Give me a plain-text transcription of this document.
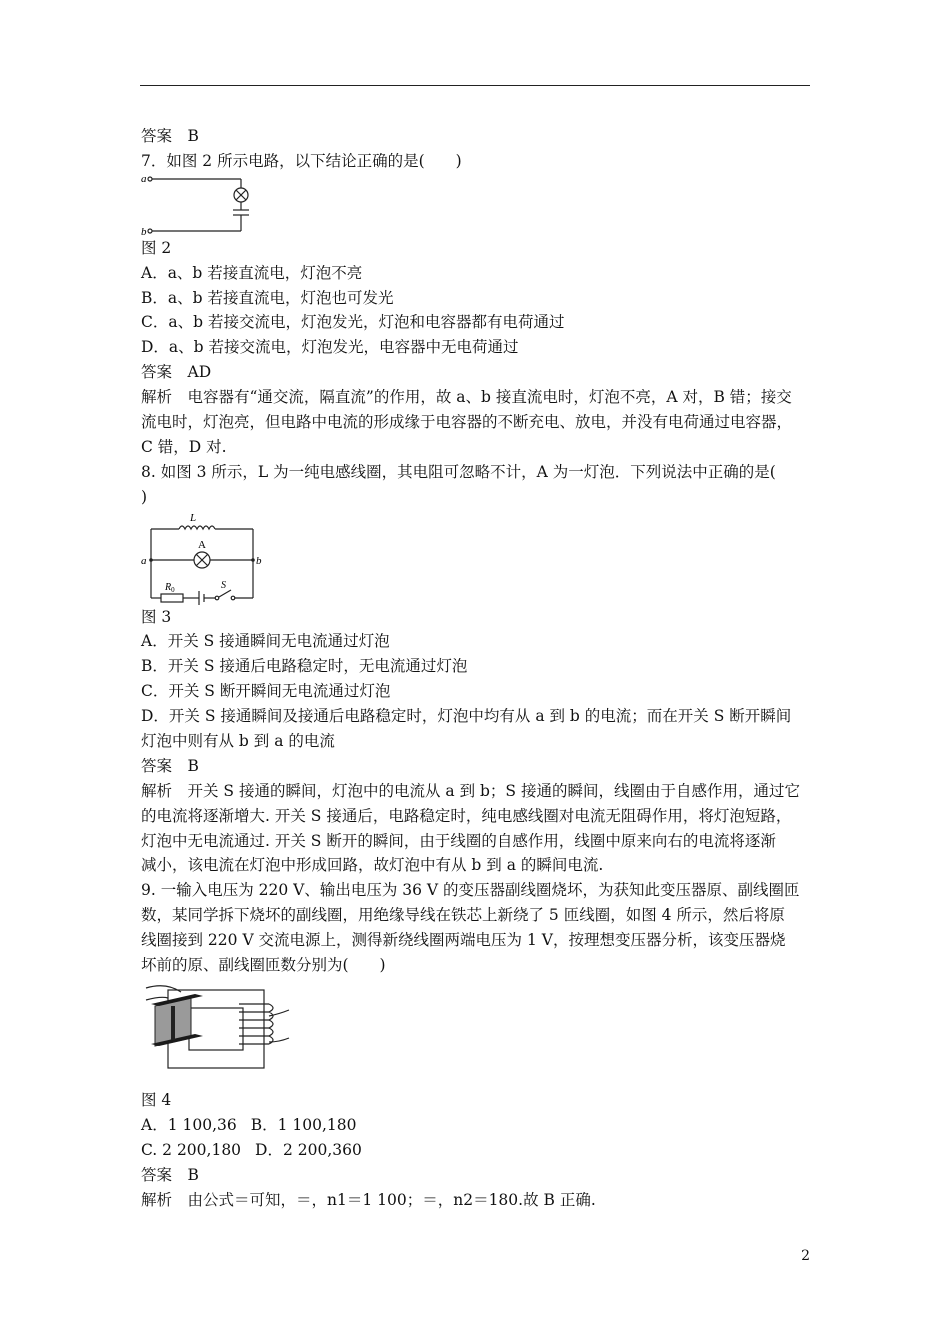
答案　B
7．如图 2 所示电路，以下结论正确的是(　　)
a
b
图 2
A．a、b 若接直流电，灯泡不亮
B．a、b 若接直流电，灯泡也可发光
C．a、b 若接交流电，灯泡发光，灯泡和电容器都有电荷通过
D．a、b 若接交流电，灯泡发光，电容器中无电荷通过
答案　AD
解析　电容器有“通交流，隔直流”的作用，故 a、b 接直流电时，灯泡不亮，A 对，B 错；接交
流电时，灯泡亮，但电路中电流的形成缘于电容器的不断充电、放电，并没有电荷通过电容器，
C 错，D 对.
8. 如图 3 所示，L 为一纯电感线圈，其电阻可忽略不计，A 为一灯泡．下列说法中正确的是(
)
L
A
a	b
$R_0$	S
图 3
A．开关 S 接通瞬间无电流通过灯泡
B．开关 S 接通后电路稳定时，无电流通过灯泡
C．开关 S 断开瞬间无电流通过灯泡
D．开关 S 接通瞬间及接通后电路稳定时，灯泡中均有从 a 到 b 的电流；而在开关 S 断开瞬间
灯泡中则有从 b 到 a 的电流
答案　B
解析　开关 S 接通的瞬间，灯泡中的电流从 a 到 b；S 接通的瞬间，线圈由于自感作用，通过它
的电流将逐渐增大. 开关 S 接通后，电路稳定时，纯电感线圈对电流无阻碍作用，将灯泡短路，
灯泡中无电流通过. 开关 S 断开的瞬间，由于线圈的自感作用，线圈中原来向右的电流将逐渐
减小，该电流在灯泡中形成回路，故灯泡中有从 b 到 a 的瞬间电流.
9. 一输入电压为 220 V、输出电压为 36 V 的变压器副线圈烧坏，为获知此变压器原、副线圈匝
数，某同学拆下烧坏的副线圈，用绝缘导线在铁芯上新绕了 5 匝线圈，如图 4 所示，然后将原
线圈接到 220 V 交流电源上，测得新绕线圈两端电压为 1 V，按理想变压器分析，该变压器烧
坏前的原、副线圈匝数分别为(　　)
图 4
A．1 100,36 B．1 100,180
C. 2 200,180 D．2 200,360
答案　B
解析　由公式＝可知，＝，n1＝1 100；＝，n2＝180.故 B 正确.
2
